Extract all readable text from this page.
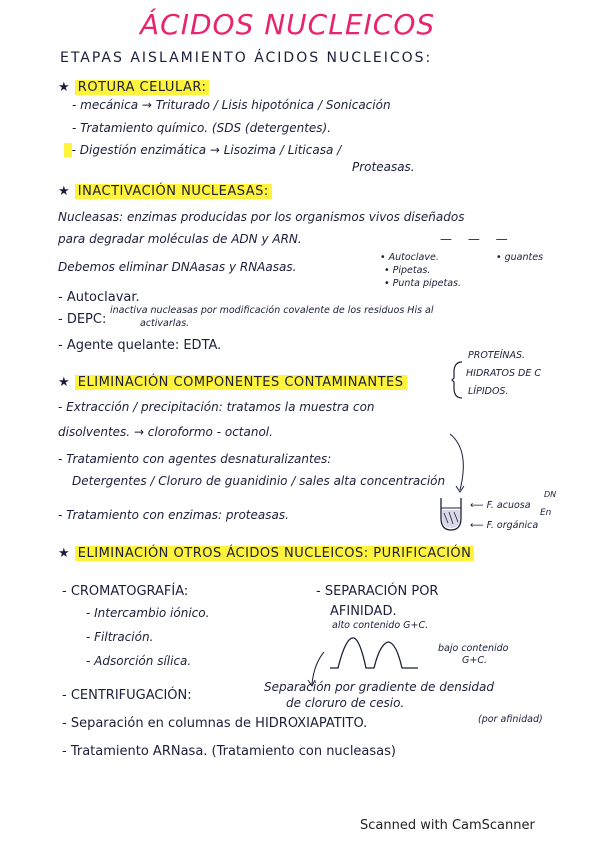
ÁCIDOS NUCLEICOS
ETAPAS AISLAMIENTO ÁCIDOS NUCLEICOS:
★ ROTURA CELULAR:
- mecánica → Triturado / Lisis hipotónica / Sonicación
- Tratamiento químico. (SDS (detergentes).
- Digestión enzimática → Lisozima / Liticasa /
Proteasas.
★ INACTIVACIÓN NUCLEASAS:
Nucleasas: enzimas producidas por los organismos vivos diseñados
para degradar moléculas de ADN y ARN.	— — —
Debemos eliminar DNAasas y RNAasas.
• Autoclave.	• guantes
• Pipetas.
• Punta pipetas.
- Autoclavar.
- DEPC:
inactiva nucleasas por modificación covalente de los residuos His al
activarlas.
- Agente quelante: EDTA.
★ ELIMINACIÓN COMPONENTES CONTAMINANTES
PROTEÍNAS.
HIDRATOS DE C
LÍPIDOS.
- Extracción / precipitación: tratamos la muestra con
disolventes. → cloroformo - octanol.
- Tratamiento con agentes desnaturalizantes:
Detergentes / Cloruro de guanidinio / sales alta concentración
- Tratamiento con enzimas: proteasas.
⟵ F. acuosa
⟵ F. orgánica
DN
En
★ ELIMINACIÓN OTROS ÁCIDOS NUCLEICOS: PURIFICACIÓN
- CROMATOGRAFÍA:
- Intercambio iónico.
- Filtración.
- Adsorción sílica.
- SEPARACIÓN POR
AFINIDAD.
alto contenido G+C.
bajo contenido
G+C.
- CENTRIFUGACIÓN:
Separación por gradiente de densidad
de cloruro de cesio.
- Separación en columnas de HIDROXIAPATITO.	(por afinidad)
- Tratamiento ARNasa. (Tratamiento con nucleasas)
Scanned with CamScanner
